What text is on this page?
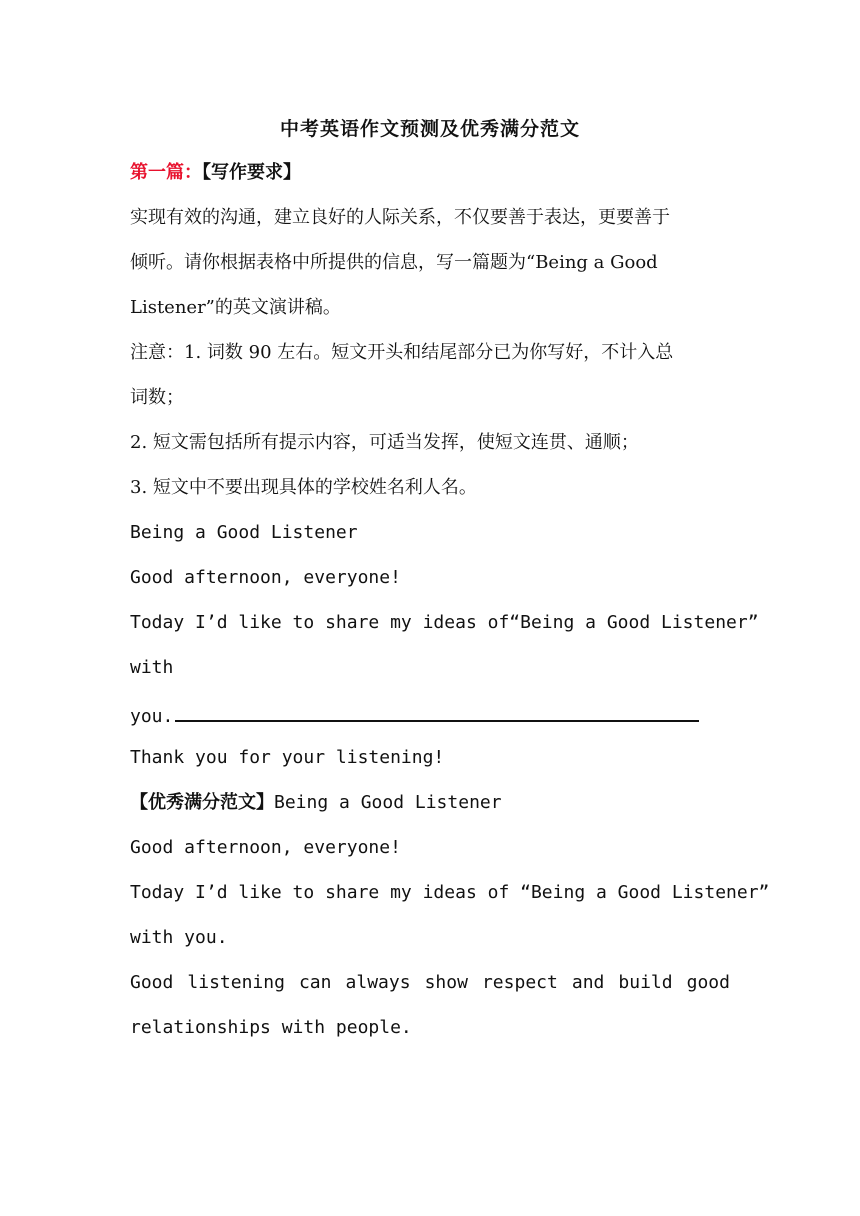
中考英语作文预测及优秀满分范文
第一篇：【写作要求】
实现有效的沟通，建立良好的人际关系，不仅要善于表达，更要善于
倾听。请你根据表格中所提供的信息，写一篇题为“Being a Good
Listener”的英文演讲稿。
注意：1. 词数 90 左右。短文开头和结尾部分已为你写好，不计入总
词数；
2. 短文需包括所有提示内容，可适当发挥，使短文连贯、通顺；
3. 短文中不要出现具体的学校姓名利人名。
Being a Good Listener
Good afternoon, everyone!
Today I’d like to share my ideas of“Being a Good Listener”
with
you.
Thank you for your listening!
【优秀满分范文】Being a Good Listener
Good afternoon, everyone!
Today I’d like to share my ideas of “Being a Good Listener”
with you.
Good listening can always show respect and build good
relationships with people.
